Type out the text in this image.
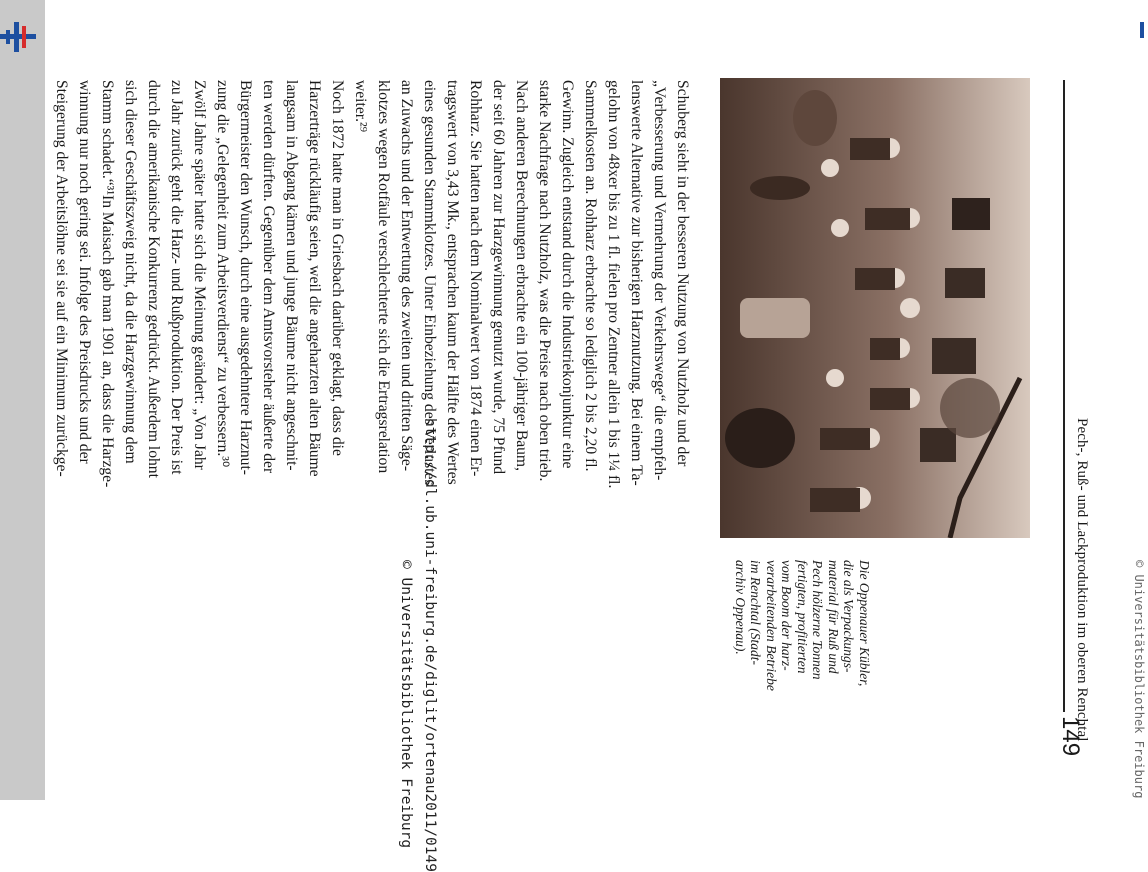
Pech-, Ruß- und Lackproduktion im oberen Renchtal
149
Die Oppenauer Kübler,
die als Verpackungs-
material für Ruß und
Pech hölzerne Tonnen
fertigten, profitierten
vom Boom der harz-
verarbeitenden Betriebe
im Renchtal (Stadt-
archiv Oppenau).
Schuberg sieht in der besseren Nutzung von Nutzholz und der
„Verbesserung und Vermehrung der Verkehrswege“ die empfeh-
lenswerte Alternative zur bisherigen Harznutzung. Bei einem Ta-
gelohn von 48xer bis zu 1 fl. fielen pro Zentner allein 1 bis 1¼ fl.
Sammelkosten an. Rohharz erbrachte so lediglich 2 bis 2,20 fl.
Gewinn. Zugleich entstand durch die Industriekonjunktur eine
starke Nachfrage nach Nutzholz, was die Preise nach oben trieb.
Nach anderen Berechnungen erbrachte ein 100-jähriger Baum,
der seit 60 Jahren zur Harzgewinnung genutzt wurde, 75 Pfund
Rohharz. Sie hatten nach dem Nominalwert von 1874 einen Er-
tragswert von 3,43 Mk., entsprachen kaum der Hälfte des Wertes
eines gesunden Stammklotzes. Unter Einbeziehung des Verlustes
an Zuwachs und der Entwertung des zweiten und dritten Säge-
klotzes wegen Rotfäule verschlechterte sich die Ertragsrelation
weiter.²⁹
Noch 1872 hatte man in Griesbach darüber geklagt, dass die
Harzerträge rückläufig seien, weil die angeharzten alten Bäume
langsam in Abgang kämen und junge Bäume nicht angeschnit-
ten werden dürften. Gegenüber dem Amtsvorsteher äußerte der
Bürgermeister den Wunsch, durch eine ausgedehntere Harznut-
zung die „Gelegenheit zum Arbeitsverdienst“ zu verbessern.³⁰
Zwölf Jahre später hatte sich die Meinung geändert: „Von Jahr
zu Jahr zurück geht die Harz- und Rußproduktion. Der Preis ist
durch die amerikanische Konkurrenz gedrückt. Außerdem lohnt
sich dieser Geschäftszweig nicht, da die Harzgewinnung dem
Stamm schadet.“³¹In Maisach gab man 1901 an, dass die Harzge-
winnung nur noch gering sei. Infolge des Preisdrucks und der
Steigerung der Arbeitslöhne sei sie auf ein Minimum zurückge-
http://dl.ub.uni-freiburg.de/diglit/ortenau2011/0149
© Universitätsbibliothek Freiburg	© Universitätsbibliothek Freiburg
